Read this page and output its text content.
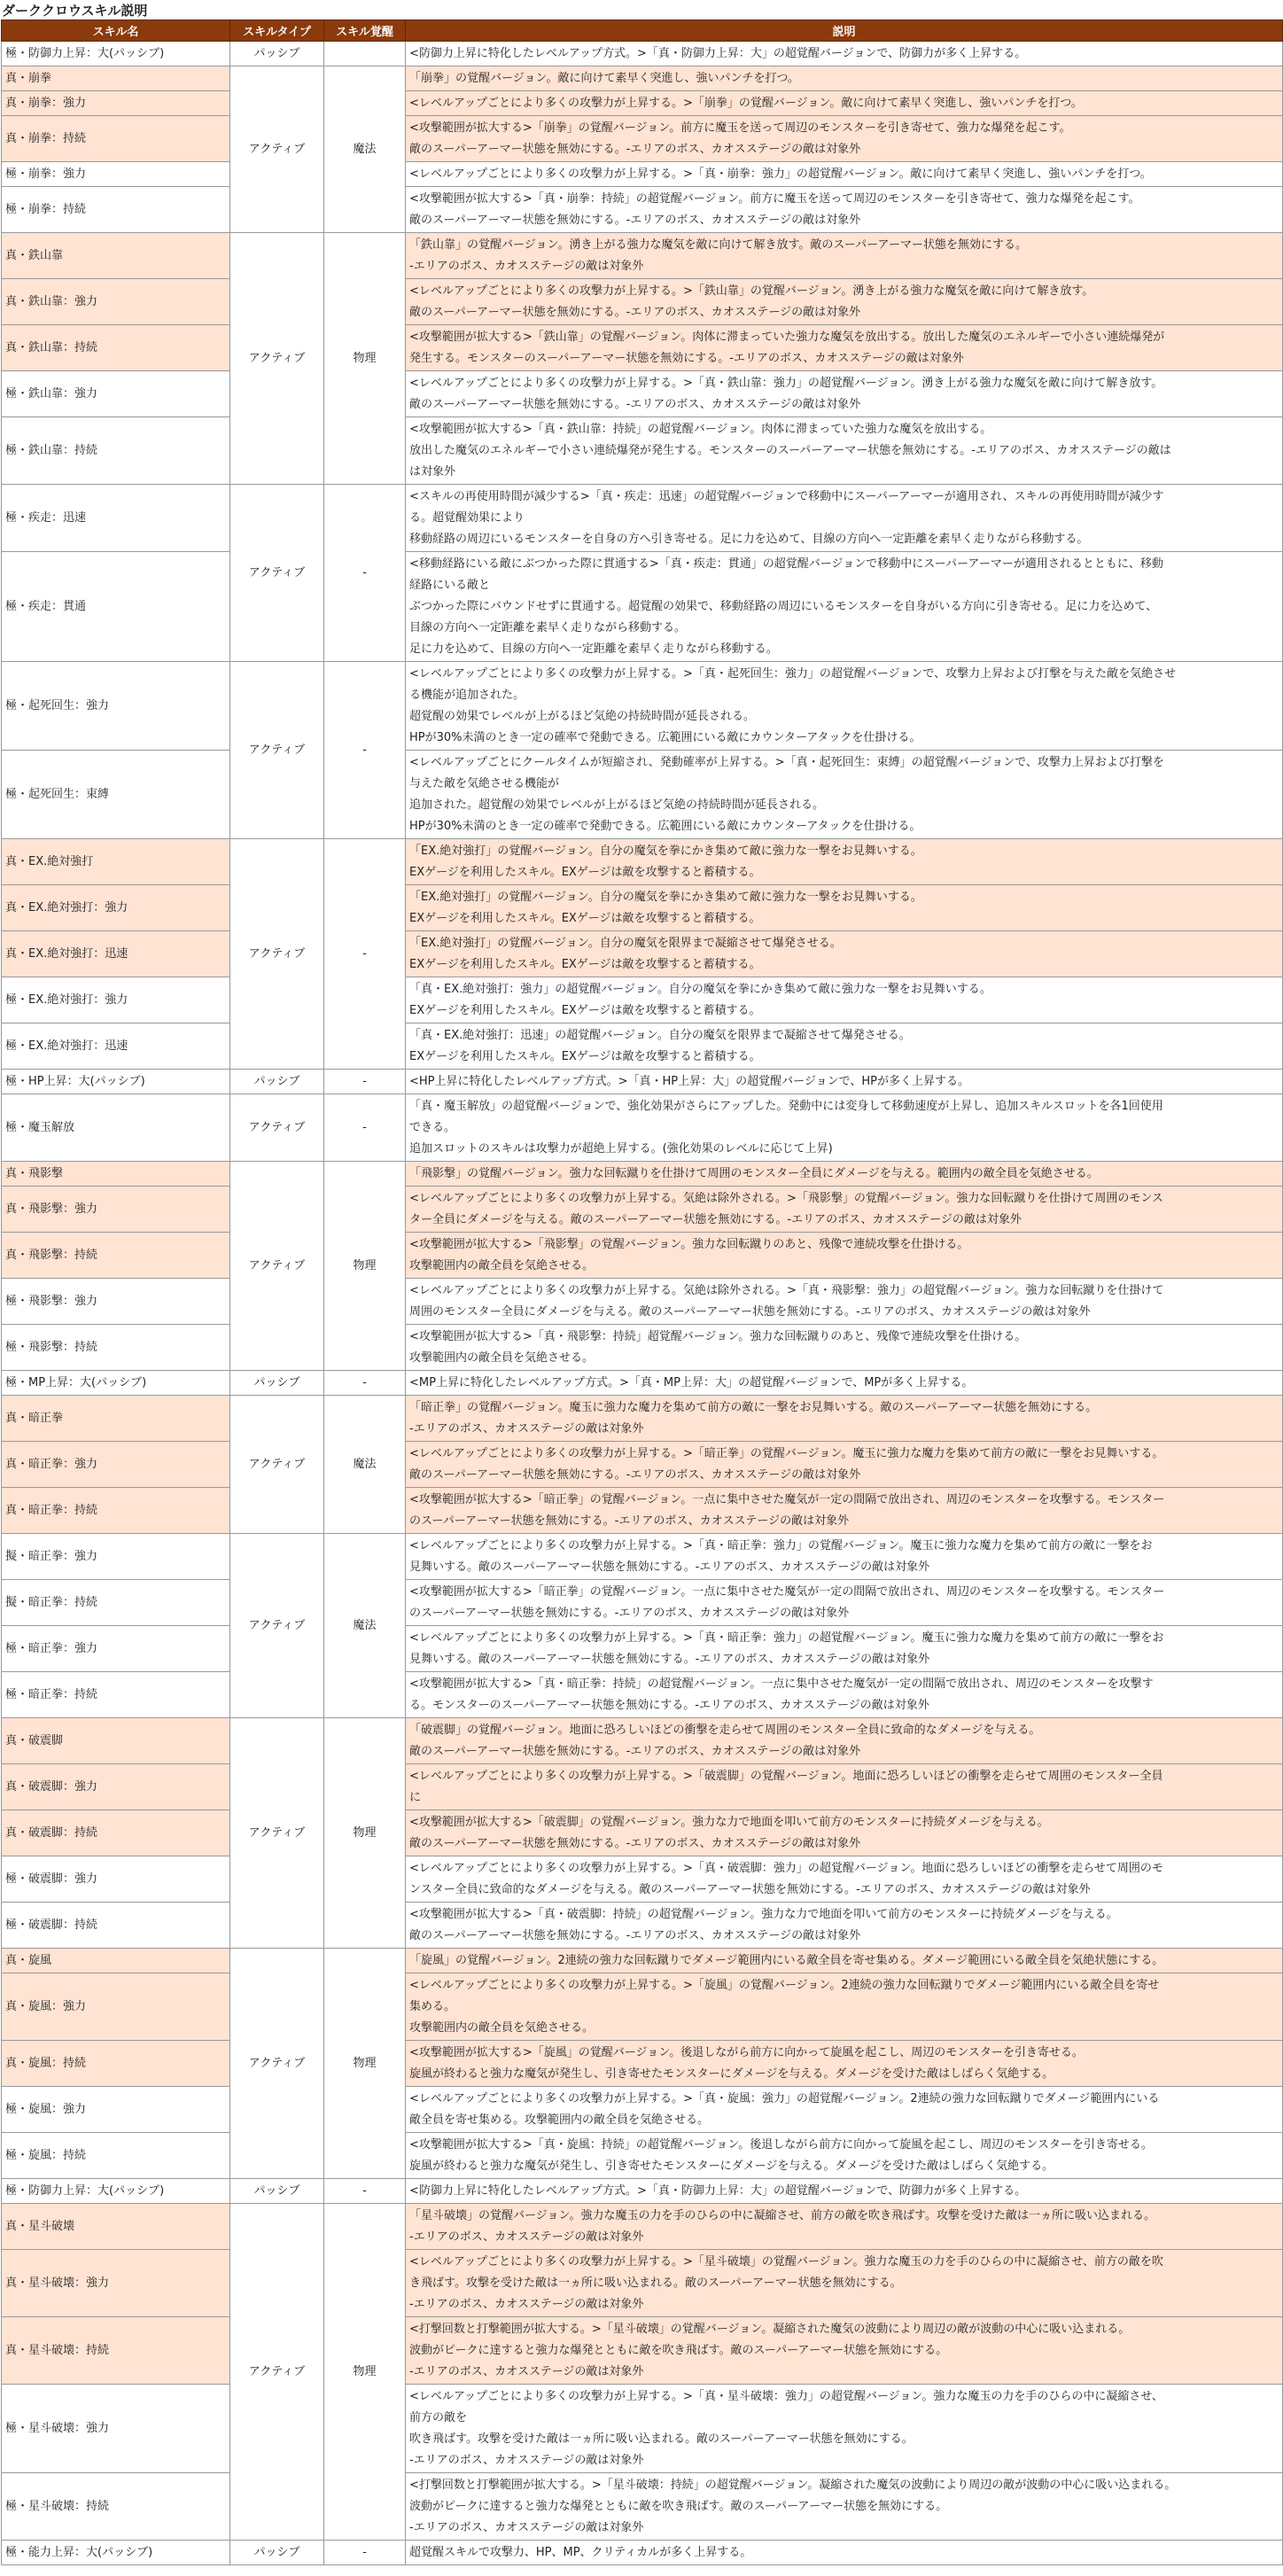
ダーククロウスキル説明
スキル名	スキルタイプ	スキル覚醒	説明
極・防御力上昇：大(パッシブ)	パッシブ		<防御力上昇に特化したレベルアップ方式。>「真・防御力上昇：大」の超覚醒バージョンで、防御力が多く上昇する。
真・崩拳	アクティブ	魔法	「崩拳」の覚醒バージョン。敵に向けて素早く突進し、強いパンチを打つ。
真・崩拳：強力			<レベルアップごとにより多くの攻撃力が上昇する。>「崩拳」の覚醒バージョン。敵に向けて素早く突進し、強いパンチを打つ。
真・崩拳：持続			<攻撃範囲が拡大する>「崩拳」の覚醒バージョン。前方に魔玉を送って周辺のモンスターを引き寄せて、強力な爆発を起こす。
敵のスーパーアーマー状態を無効にする。-エリアのボス、カオスステージの敵は対象外
極・崩拳：強力			<レベルアップごとにより多くの攻撃力が上昇する。>「真・崩拳：強力」の超覚醒バージョン。敵に向けて素早く突進し、強いパンチを打つ。
極・崩拳：持続			<攻撃範囲が拡大する>「真・崩拳：持続」の超覚醒バージョン。前方に魔玉を送って周辺のモンスターを引き寄せて、強力な爆発を起こす。
敵のスーパーアーマー状態を無効にする。-エリアのボス、カオスステージの敵は対象外
真・鉄山靠	アクティブ	物理	「鉄山靠」の覚醒バージョン。湧き上がる強力な魔気を敵に向けて解き放す。敵のスーパーアーマー状態を無効にする。
-エリアのボス、カオスステージの敵は対象外
真・鉄山靠：強力			<レベルアップごとにより多くの攻撃力が上昇する。>「鉄山靠」の覚醒バージョン。湧き上がる強力な魔気を敵に向けて解き放す。
敵のスーパーアーマー状態を無効にする。-エリアのボス、カオスステージの敵は対象外
真・鉄山靠：持続			<攻撃範囲が拡大する>「鉄山靠」の覚醒バージョン。肉体に滞まっていた強力な魔気を放出する。放出した魔気のエネルギーで小さい連続爆発が
発生する。モンスターのスーパーアーマー状態を無効にする。-エリアのボス、カオスステージの敵は対象外
極・鉄山靠：強力			<レベルアップごとにより多くの攻撃力が上昇する。>「真・鉄山靠：強力」の超覚醒バージョン。湧き上がる強力な魔気を敵に向けて解き放す。
敵のスーパーアーマー状態を無効にする。-エリアのボス、カオスステージの敵は対象外
極・鉄山靠：持続			<攻撃範囲が拡大する>「真・鉄山靠：持続」の超覚醒バージョン。肉体に滞まっていた強力な魔気を放出する。
放出した魔気のエネルギーで小さい連続爆発が発生する。モンスターのスーパーアーマー状態を無効にする。-エリアのボス、カオスステージの敵は
は対象外
極・疾走：迅速	アクティブ	-	<スキルの再使用時間が減少する>「真・疾走：迅速」の超覚醒バージョンで移動中にスーパーアーマーが適用され、スキルの再使用時間が減少す
る。超覚醒効果により
移動経路の周辺にいるモンスターを自身の方へ引き寄せる。足に力を込めて、目線の方向へ一定距離を素早く走りながら移動する。
極・疾走：貫通			<移動経路にいる敵にぶつかった際に貫通する>「真・疾走：貫通」の超覚醒バージョンで移動中にスーパーアーマーが適用されるとともに、移動
経路にいる敵と
ぶつかった際にバウンドせずに貫通する。超覚醒の効果で、移動経路の周辺にいるモンスターを自身がいる方向に引き寄せる。足に力を込めて、
目線の方向へ一定距離を素早く走りながら移動する。
足に力を込めて、目線の方向へ一定距離を素早く走りながら移動する。
極・起死回生：強力	アクティブ	-	<レベルアップごとにより多くの攻撃力が上昇する。>「真・起死回生：強力」の超覚醒バージョンで、攻撃力上昇および打撃を与えた敵を気絶させ
る機能が追加された。
超覚醒の効果でレベルが上がるほど気絶の持続時間が延長される。
HPが30%未満のとき一定の確率で発動できる。広範囲にいる敵にカウンターアタックを仕掛ける。
極・起死回生：束縛			<レベルアップごとにクールタイムが短縮され、発動確率が上昇する。>「真・起死回生：束縛」の超覚醒バージョンで、攻撃力上昇および打撃を
与えた敵を気絶させる機能が
追加された。超覚醒の効果でレベルが上がるほど気絶の持続時間が延長される。
HPが30%未満のとき一定の確率で発動できる。広範囲にいる敵にカウンターアタックを仕掛ける。
真・EX.絶対強打	アクティブ	-	「EX.絶対強打」の覚醒バージョン。自分の魔気を拳にかき集めて敵に強力な一撃をお見舞いする。
EXゲージを利用したスキル。EXゲージは敵を攻撃すると蓄積する。
真・EX.絶対強打：強力			「EX.絶対強打」の覚醒バージョン。自分の魔気を拳にかき集めて敵に強力な一撃をお見舞いする。
EXゲージを利用したスキル。EXゲージは敵を攻撃すると蓄積する。
真・EX.絶対強打：迅速			「EX.絶対強打」の覚醒バージョン。自分の魔気を限界まで凝縮させて爆発させる。
EXゲージを利用したスキル。EXゲージは敵を攻撃すると蓄積する。
極・EX.絶対強打：強力			「真・EX.絶対強打：強力」の超覚醒バージョン。自分の魔気を拳にかき集めて敵に強力な一撃をお見舞いする。
EXゲージを利用したスキル。EXゲージは敵を攻撃すると蓄積する。
極・EX.絶対強打：迅速			「真・EX.絶対強打：迅速」の超覚醒バージョン。自分の魔気を限界まで凝縮させて爆発させる。
EXゲージを利用したスキル。EXゲージは敵を攻撃すると蓄積する。
極・HP上昇：大(パッシブ)	パッシブ	-	<HP上昇に特化したレベルアップ方式。>「真・HP上昇：大」の超覚醒バージョンで、HPが多く上昇する。
極・魔玉解放	アクティブ	-	「真・魔玉解放」の超覚醒バージョンで、強化効果がさらにアップした。発動中には変身して移動速度が上昇し、追加スキルスロットを各1回使用
できる。
追加スロットのスキルは攻撃力が超絶上昇する。(強化効果のレベルに応じて上昇)
真・飛影撃	アクティブ	物理	「飛影撃」の覚醒バージョン。強力な回転蹴りを仕掛けて周囲のモンスター全員にダメージを与える。範囲内の敵全員を気絶させる。
真・飛影撃：強力			<レベルアップごとにより多くの攻撃力が上昇する。気絶は除外される。>「飛影撃」の覚醒バージョン。強力な回転蹴りを仕掛けて周囲のモンス
ター全員にダメージを与える。敵のスーパーアーマー状態を無効にする。-エリアのボス、カオスステージの敵は対象外
真・飛影撃：持続			<攻撃範囲が拡大する>「飛影撃」の覚醒バージョン。強力な回転蹴りのあと、残像で連続攻撃を仕掛ける。
攻撃範囲内の敵全員を気絶させる。
極・飛影撃：強力			<レベルアップごとにより多くの攻撃力が上昇する。気絶は除外される。>「真・飛影撃：強力」の超覚醒バージョン。強力な回転蹴りを仕掛けて
周囲のモンスター全員にダメージを与える。敵のスーパーアーマー状態を無効にする。-エリアのボス、カオスステージの敵は対象外
極・飛影撃：持続			<攻撃範囲が拡大する>「真・飛影撃：持続」超覚醒バージョン。強力な回転蹴りのあと、残像で連続攻撃を仕掛ける。
攻撃範囲内の敵全員を気絶させる。
極・MP上昇：大(パッシブ)	パッシブ	-	<MP上昇に特化したレベルアップ方式。>「真・MP上昇：大」の超覚醒バージョンで、MPが多く上昇する。
真・暗正拳	アクティブ	魔法	「暗正拳」の覚醒バージョン。魔玉に強力な魔力を集めて前方の敵に一撃をお見舞いする。敵のスーパーアーマー状態を無効にする。
-エリアのボス、カオスステージの敵は対象外
真・暗正拳：強力			<レベルアップごとにより多くの攻撃力が上昇する。>「暗正拳」の覚醒バージョン。魔玉に強力な魔力を集めて前方の敵に一撃をお見舞いする。
敵のスーパーアーマー状態を無効にする。-エリアのボス、カオスステージの敵は対象外
真・暗正拳：持続			<攻撃範囲が拡大する>「暗正拳」の覚醒バージョン。一点に集中させた魔気が一定の間隔で放出され、周辺のモンスターを攻撃する。モンスター
のスーパーアーマー状態を無効にする。-エリアのボス、カオスステージの敵は対象外
擬・暗正拳：強力	アクティブ	魔法	<レベルアップごとにより多くの攻撃力が上昇する。>「真・暗正拳：強力」の覚醒バージョン。魔玉に強力な魔力を集めて前方の敵に一撃をお
見舞いする。敵のスーパーアーマー状態を無効にする。-エリアのボス、カオスステージの敵は対象外
擬・暗正拳：持続			<攻撃範囲が拡大する>「暗正拳」の覚醒バージョン。一点に集中させた魔気が一定の間隔で放出され、周辺のモンスターを攻撃する。モンスター
のスーパーアーマー状態を無効にする。-エリアのボス、カオスステージの敵は対象外
極・暗正拳：強力			<レベルアップごとにより多くの攻撃力が上昇する。>「真・暗正拳：強力」の超覚醒バージョン。魔玉に強力な魔力を集めて前方の敵に一撃をお
見舞いする。敵のスーパーアーマー状態を無効にする。-エリアのボス、カオスステージの敵は対象外
極・暗正拳：持続			<攻撃範囲が拡大する>「真・暗正拳：持続」の超覚醒バージョン。一点に集中させた魔気が一定の間隔で放出され、周辺のモンスターを攻撃す
る。モンスターのスーパーアーマー状態を無効にする。-エリアのボス、カオスステージの敵は対象外
真・破震脚	アクティブ	物理	「破震脚」の覚醒バージョン。地面に恐ろしいほどの衝撃を走らせて周囲のモンスター全員に致命的なダメージを与える。
敵のスーパーアーマー状態を無効にする。-エリアのボス、カオスステージの敵は対象外
真・破震脚：強力			<レベルアップごとにより多くの攻撃力が上昇する。>「破震脚」の覚醒バージョン。地面に恐ろしいほどの衝撃を走らせて周囲のモンスター全員
に
真・破震脚：持続			<攻撃範囲が拡大する>「破震脚」の覚醒バージョン。強力な力で地面を叩いて前方のモンスターに持続ダメージを与える。
敵のスーパーアーマー状態を無効にする。-エリアのボス、カオスステージの敵は対象外
極・破震脚：強力			<レベルアップごとにより多くの攻撃力が上昇する。>「真・破震脚：強力」の超覚醒バージョン。地面に恐ろしいほどの衝撃を走らせて周囲のモ
ンスター全員に致命的なダメージを与える。敵のスーパーアーマー状態を無効にする。-エリアのボス、カオスステージの敵は対象外
極・破震脚：持続			<攻撃範囲が拡大する>「真・破震脚：持続」の超覚醒バージョン。強力な力で地面を叩いて前方のモンスターに持続ダメージを与える。
敵のスーパーアーマー状態を無効にする。-エリアのボス、カオスステージの敵は対象外
真・旋風	アクティブ	物理	「旋風」の覚醒バージョン。2連続の強力な回転蹴りでダメージ範囲内にいる敵全員を寄せ集める。ダメージ範囲にいる敵全員を気絶状態にする。
真・旋風：強力			<レベルアップごとにより多くの攻撃力が上昇する。>「旋風」の覚醒バージョン。2連続の強力な回転蹴りでダメージ範囲内にいる敵全員を寄せ
集める。
攻撃範囲内の敵全員を気絶させる。
真・旋風：持続			<攻撃範囲が拡大する>「旋風」の覚醒バージョン。後退しながら前方に向かって旋風を起こし、周辺のモンスターを引き寄せる。
旋風が終わると強力な魔気が発生し、引き寄せたモンスターにダメージを与える。ダメージを受けた敵はしばらく気絶する。
極・旋風：強力			<レベルアップごとにより多くの攻撃力が上昇する。>「真・旋風：強力」の超覚醒バージョン。2連続の強力な回転蹴りでダメージ範囲内にいる
敵全員を寄せ集める。攻撃範囲内の敵全員を気絶させる。
極・旋風：持続			<攻撃範囲が拡大する>「真・旋風：持続」の超覚醒バージョン。後退しながら前方に向かって旋風を起こし、周辺のモンスターを引き寄せる。
旋風が終わると強力な魔気が発生し、引き寄せたモンスターにダメージを与える。ダメージを受けた敵はしばらく気絶する。
極・防御力上昇：大(パッシブ)	パッシブ	-	<防御力上昇に特化したレベルアップ方式。>「真・防御力上昇：大」の超覚醒バージョンで、防御力が多く上昇する。
真・星斗破壊	アクティブ	物理	「星斗破壊」の覚醒バージョン。強力な魔玉の力を手のひらの中に凝縮させ、前方の敵を吹き飛ばす。攻撃を受けた敵は一ヵ所に吸い込まれる。
-エリアのボス、カオスステージの敵は対象外
真・星斗破壊：強力			<レベルアップごとにより多くの攻撃力が上昇する。>「星斗破壊」の覚醒バージョン。強力な魔玉の力を手のひらの中に凝縮させ、前方の敵を吹
き飛ばす。攻撃を受けた敵は一ヵ所に吸い込まれる。敵のスーパーアーマー状態を無効にする。
-エリアのボス、カオスステージの敵は対象外
真・星斗破壊：持続			<打撃回数と打撃範囲が拡大する。>「星斗破壊」の覚醒バージョン。凝縮された魔気の波動により周辺の敵が波動の中心に吸い込まれる。
波動がピークに達すると強力な爆発とともに敵を吹き飛ばす。敵のスーパーアーマー状態を無効にする。
-エリアのボス、カオスステージの敵は対象外
極・星斗破壊：強力			<レベルアップごとにより多くの攻撃力が上昇する。>「真・星斗破壊：強力」の超覚醒バージョン。強力な魔玉の力を手のひらの中に凝縮させ、
前方の敵を
吹き飛ばす。攻撃を受けた敵は一ヵ所に吸い込まれる。敵のスーパーアーマー状態を無効にする。
-エリアのボス、カオスステージの敵は対象外
極・星斗破壊：持続			<打撃回数と打撃範囲が拡大する。>「星斗破壊：持続」の超覚醒バージョン。凝縮された魔気の波動により周辺の敵が波動の中心に吸い込まれる。
波動がピークに達すると強力な爆発とともに敵を吹き飛ばす。敵のスーパーアーマー状態を無効にする。
-エリアのボス、カオスステージの敵は対象外
極・能力上昇：大(パッシブ)	パッシブ	-	超覚醒スキルで攻撃力、HP、MP、クリティカルが多く上昇する。
